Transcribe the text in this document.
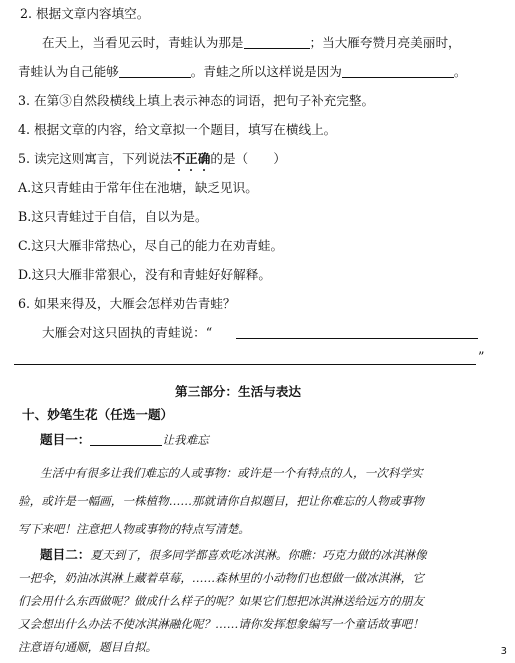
2. 根据文章内容填空。
在天上，当看见云时，青蛙认为那是	；当大雁夸赞月亮美丽时，
青蛙认为自己能够	。青蛙之所以这样说是因为	。
3. 在第③自然段横线上填上表示神态的词语，把句子补充完整。
4. 根据文章的内容，给文章拟一个题目，填写在横线上。
5. 读完这则寓言，下列说法不正确的是（　　）
A.这只青蛙由于常年住在池塘，缺乏见识。
B.这只青蛙过于自信，自以为是。
C.这只大雁非常热心，尽自己的能力在劝青蛙。
D.这只大雁非常狠心，没有和青蛙好好解释。
6. 如果来得及，大雁会怎样劝告青蛙？
大雁会对这只固执的青蛙说：“
”
第三部分：生活与表达
十、妙笔生花（任选一题）
题目一：	让我难忘
生活中有很多让我们难忘的人或事物：或许是一个有特点的人，一次科学实
验，或许是一幅画，一株植物……那就请你自拟题目，把让你难忘的人物或事物
写下来吧！注意把人物或事物的特点写清楚。
题目二：夏天到了，很多同学都喜欢吃冰淇淋。你瞧：巧克力做的冰淇淋像
一把伞，奶油冰淇淋上藏着草莓，……森林里的小动物们也想做一做冰淇淋，它
们会用什么东西做呢？做成什么样子的呢？如果它们想把冰淇淋送给远方的朋友
又会想出什么办法不使冰淇淋融化呢？……请你发挥想象编写一个童话故事吧！
3
注意语句通顺，题目自拟。
